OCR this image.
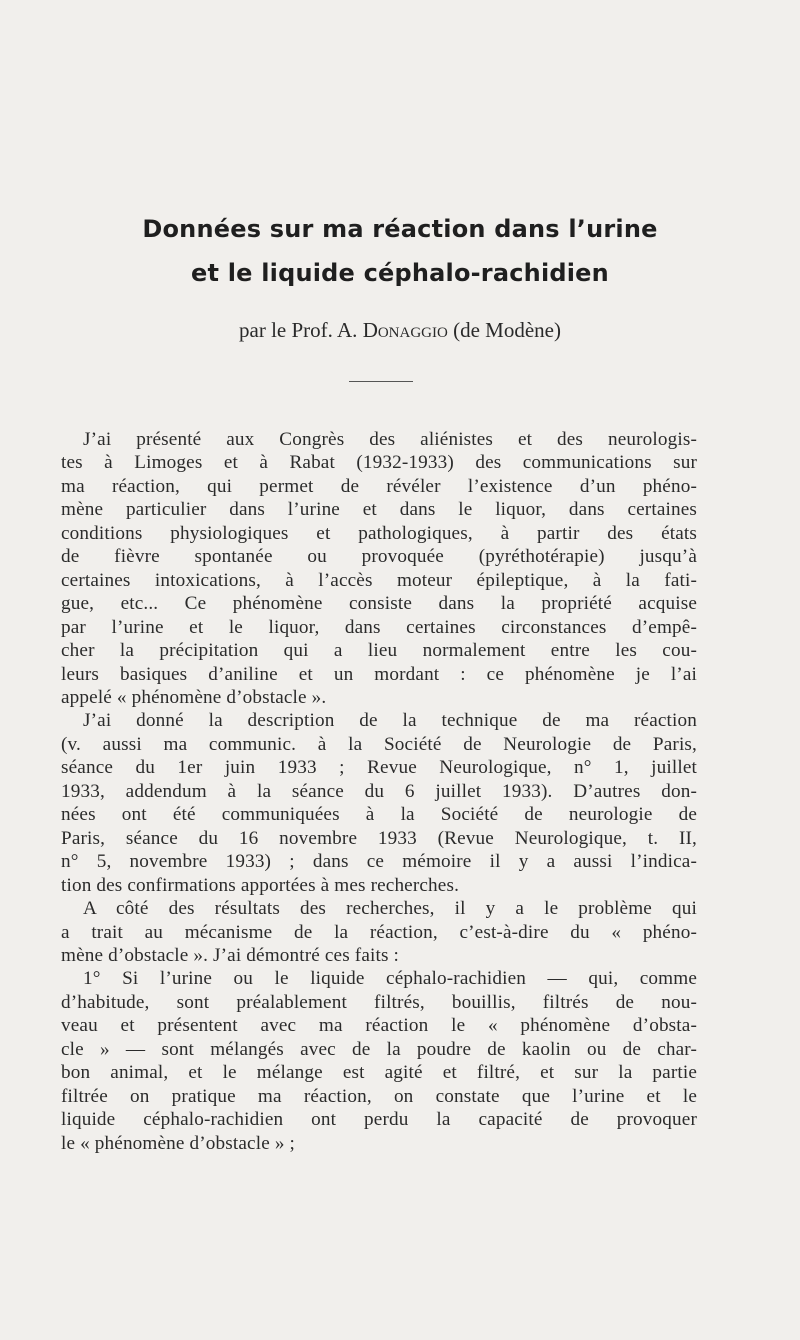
Données sur ma réaction dans l’urine
et le liquide céphalo-rachidien
par le Prof. A. Donaggio (de Modène)

J’ai présenté aux Congrès des aliénistes et des neurologis-
tes à Limoges et à Rabat (1932-1933) des communications sur
ma réaction, qui permet de révéler l’existence d’un phéno-
mène particulier dans l’urine et dans le liquor, dans certaines
conditions physiologiques et pathologiques, à partir des états
de fièvre spontanée ou provoquée (pyréthotérapie) jusqu’à
certaines intoxications, à l’accès moteur épileptique, à la fati-
gue, etc... Ce phénomène consiste dans la propriété acquise
par l’urine et le liquor, dans certaines circonstances d’empê-
cher la précipitation qui a lieu normalement entre les cou-
leurs basiques d’aniline et un mordant : ce phénomène je l’ai
appelé « phénomène d’obstacle ».

J’ai donné la description de la technique de ma réaction
(v. aussi ma communic. à la Société de Neurologie de Paris,
séance du 1er juin 1933 ; Revue Neurologique, n° 1, juillet
1933, addendum à la séance du 6 juillet 1933). D’autres don-
nées ont été communiquées à la Société de neurologie de
Paris, séance du 16 novembre 1933 (Revue Neurologique, t. II,
n° 5, novembre 1933) ; dans ce mémoire il y a aussi l’indica-
tion des confirmations apportées à mes recherches.

A côté des résultats des recherches, il y a le problème qui
a trait au mécanisme de la réaction, c’est-à-dire du « phéno-
mène d’obstacle ». J’ai démontré ces faits :

1° Si l’urine ou le liquide céphalo-rachidien — qui, comme
d’habitude, sont préalablement filtrés, bouillis, filtrés de nou-
veau et présentent avec ma réaction le « phénomène d’obsta-
cle » — sont mélangés avec de la poudre de kaolin ou de char-
bon animal, et le mélange est agité et filtré, et sur la partie
filtrée on pratique ma réaction, on constate que l’urine et le
liquide céphalo-rachidien ont perdu la capacité de provoquer
le « phénomène d’obstacle » ;
